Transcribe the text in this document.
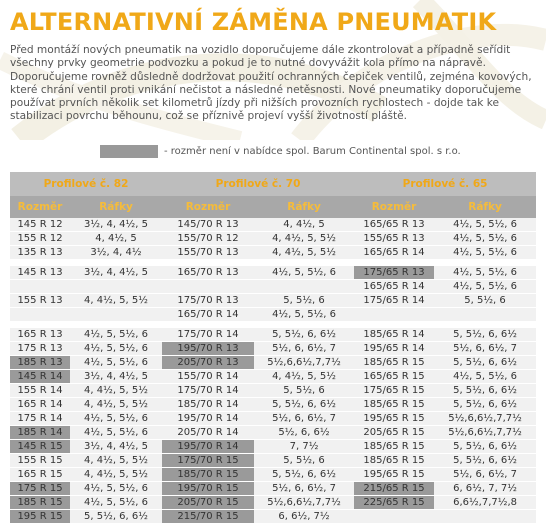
ALTERNATIVNÍ ZÁMĚNA PNEUMATIK

Před montáží nových pneumatik na vozidlo doporučujeme dále zkontrolovat a případně seřídit všechny prvky geometrie podvozku a pokud je to nutné dovyvážit kola přímo na nápravě. Doporučujeme rovněž důsledně dodržovat použití ochranných čepiček ventilů, zejména kovových, které chrání ventil proti vnikání nečistot a následné netěsnosti. Nové pneumatiky doporučujeme používat prvních několik set kilometrů jízdy při nižších provozních rychlostech - dojde tak ke stabilizaci povrchu běhounu, což se příznivě projeví vyšší životností pláště.

- rozměr není v nabídce spol. Barum Continental spol. s r.o.
Profilové č. 82		Profilové č. 70		Profilové č. 65	
Rozměr	Ráfky	Rozměr	Ráfky	Rozměr	Ráfky
145 R 12	3½, 4, 4½, 5	145/70 R 13	4, 4½, 5	165/65 R 13	4½, 5, 5½, 6
155 R 12	4, 4½, 5	155/70 R 12	4, 4½, 5, 5½	155/65 R 13	4½, 5, 5½, 6
135 R 13	3½, 4, 4½	155/70 R 13	4, 4½, 5, 5½	165/65 R 14	4½, 5, 5½, 6

145 R 13	3½, 4, 4½, 5	165/70 R 13	4½, 5, 5½, 6	175/65 R 13	4½, 5, 5½, 6
				165/65 R 14	4½, 5, 5½, 6
155 R 13	4, 4½, 5, 5½	175/70 R 13	5, 5½, 6	175/65 R 14	5, 5½, 6
		165/70 R 14	4½, 5, 5½, 6		

165 R 13	4½, 5, 5½, 6	175/70 R 14	5, 5½, 6, 6½	185/65 R 14	5, 5½, 6, 6½
175 R 13	4½, 5, 5½, 6	195/70 R 13	5½, 6, 6½, 7	195/65 R 14	5½, 6, 6½, 7
185 R 13	4½, 5, 5½, 6	205/70 R 13	5½,6,6½,7,7½	185/65 R 15	5, 5½, 6, 6½
145 R 14	3½, 4, 4½, 5	155/70 R 14	4, 4½, 5, 5½	165/65 R 15	4½, 5, 5½, 6
155 R 14	4, 4½, 5, 5½	175/70 R 14	5, 5½, 6	175/65 R 15	5, 5½, 6, 6½
165 R 14	4, 4½, 5, 5½	185/70 R 14	5, 5½, 6, 6½	185/65 R 15	5, 5½, 6, 6½
175 R 14	4½, 5, 5½, 6	195/70 R 14	5½, 6, 6½, 7	195/65 R 15	5½,6,6½,7,7½
185 R 14	4½, 5, 5½, 6	205/70 R 14	5½, 6, 6½	205/65 R 15	5½,6,6½,7,7½
145 R 15	3½, 4, 4½, 5	195/70 R 14	7, 7½	185/65 R 15	5, 5½, 6, 6½
155 R 15	4, 4½, 5, 5½	175/70 R 15	5, 5½, 6	185/65 R 15	5, 5½, 6, 6½
165 R 15	4, 4½, 5, 5½	185/70 R 15	5, 5½, 6, 6½	195/65 R 15	5½, 6, 6½, 7
175 R 15	4½, 5, 5½, 6	195/70 R 15	5½, 6, 6½, 7	215/65 R 15	6, 6½, 7, 7½
185 R 15	4½, 5, 5½, 6	205/70 R 15	5½,6,6½,7,7½	225/65 R 15	6,6½,7,7½,8
195 R 15	5, 5½, 6, 6½	215/70 R 15	6, 6½, 7½		
